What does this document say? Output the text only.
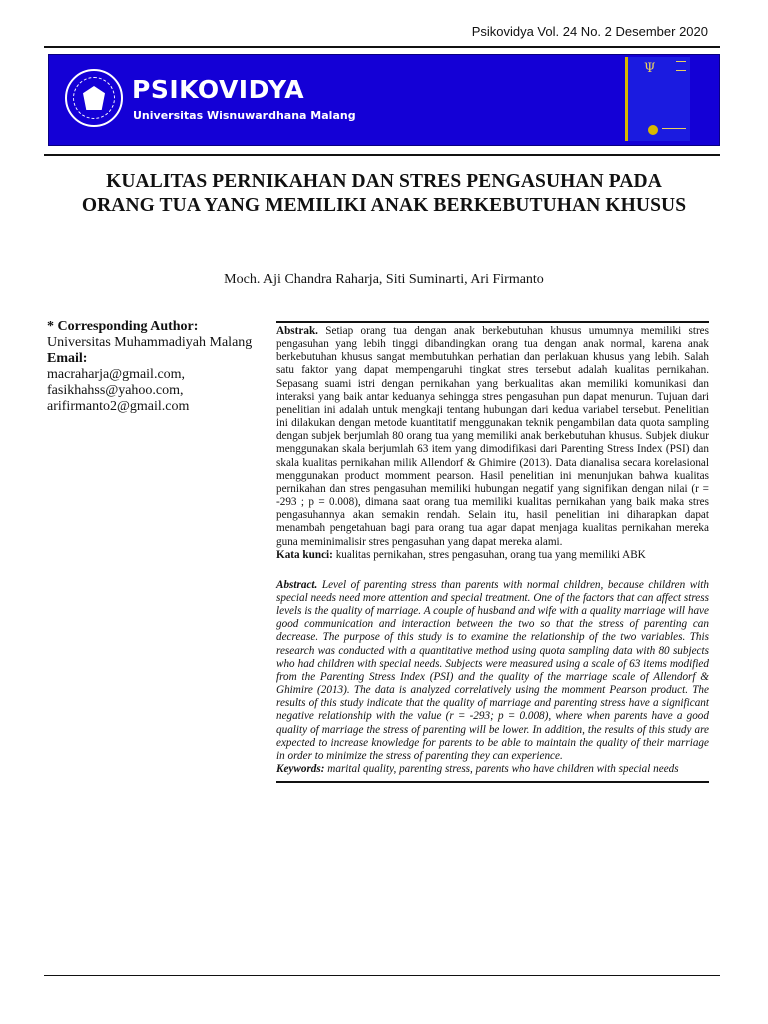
Psikovidya Vol. 24 No. 2 Desember 2020
PSIKOVIDYA
Universitas Wisnuwardhana Malang
Ψ
KUALITAS PERNIKAHAN DAN STRES PENGASUHAN PADA
ORANG TUA YANG MEMILIKI ANAK BERKEBUTUHAN KHUSUS
Moch. Aji Chandra Raharja, Siti Suminarti, Ari Firmanto
* Corresponding Author:
Universitas Muhammadiyah Malang
Email:
macraharja@gmail.com,
fasikhahss@yahoo.com,
arifirmanto2@gmail.com
Abstrak. Setiap orang tua dengan anak berkebutuhan khusus umumnya memiliki stres pengasuhan yang lebih tinggi dibandingkan orang tua dengan anak normal, karena anak berkebutuhan khusus sangat membutuhkan perhatian dan perlakuan khusus yang lebih. Salah satu faktor yang dapat mempengaruhi tingkat stres tersebut adalah kualitas pernikahan. Sepasang suami istri dengan pernikahan yang berkualitas akan memiliki komunikasi dan interaksi yang baik antar keduanya sehingga stres pengasuhan pun dapat menurun. Tujuan dari penelitian ini adalah untuk mengkaji tentang hubungan dari kedua variabel tersebut. Penelitian ini dilakukan dengan metode kuantitatif menggunakan teknik pengambilan data quota sampling dengan subjek berjumlah 80 orang tua yang memiliki anak berkebutuhan khusus. Subjek diukur menggunakan skala berjumlah 63 item yang dimodifikasi dari Parenting Stress Index (PSI) dan skala kualitas pernikahan milik Allendorf & Ghimire (2013). Data dianalisa secara korelasional menggunakan product momment pearson. Hasil penelitian ini menunjukan bahwa kualitas pernikahan dan stres pengasuhan memiliki hubungan negatif yang signifikan dengan nilai (r = -293 ; p = 0.008), dimana saat orang tua memiliki kualitas pernikahan yang baik maka stres pengasuhannya akan semakin rendah. Selain itu, hasil penelitian ini diharapkan dapat menambah pengetahuan bagi para orang tua agar dapat menjaga kualitas pernikahan mereka guna meminimalisir stres pengasuhan yang dapat mereka alami.
Kata kunci: kualitas pernikahan, stres pengasuhan, orang tua yang memiliki ABK
Abstract. Level of parenting stress than parents with normal children, because children with special needs need more attention and special treatment. One of the factors that can affect stress levels is the quality of marriage. A couple of husband and wife with a quality marriage will have good communication and interaction between the two so that the stress of parenting can decrease. The purpose of this study is to examine the relationship of the two variables. This research was conducted with a quantitative method using quota sampling data with 80 subjects who had children with special needs. Subjects were measured using a scale of 63 items modified from the Parenting Stress Index (PSI) and the quality of the marriage scale of Allendorf & Ghimire (2013). The data is analyzed correlatively using the momment Pearson product. The results of this study indicate that the quality of marriage and parenting stress have a significant negative relationship with the value (r = -293; p = 0.008), where when parents have a good quality of marriage the stress of parenting will be lower. In addition, the results of this study are expected to increase knowledge for parents to be able to maintain the quality of their marriage in order to minimize the stress of parenting they can experience.
Keywords: marital quality, parenting stress, parents who have children with special needs
